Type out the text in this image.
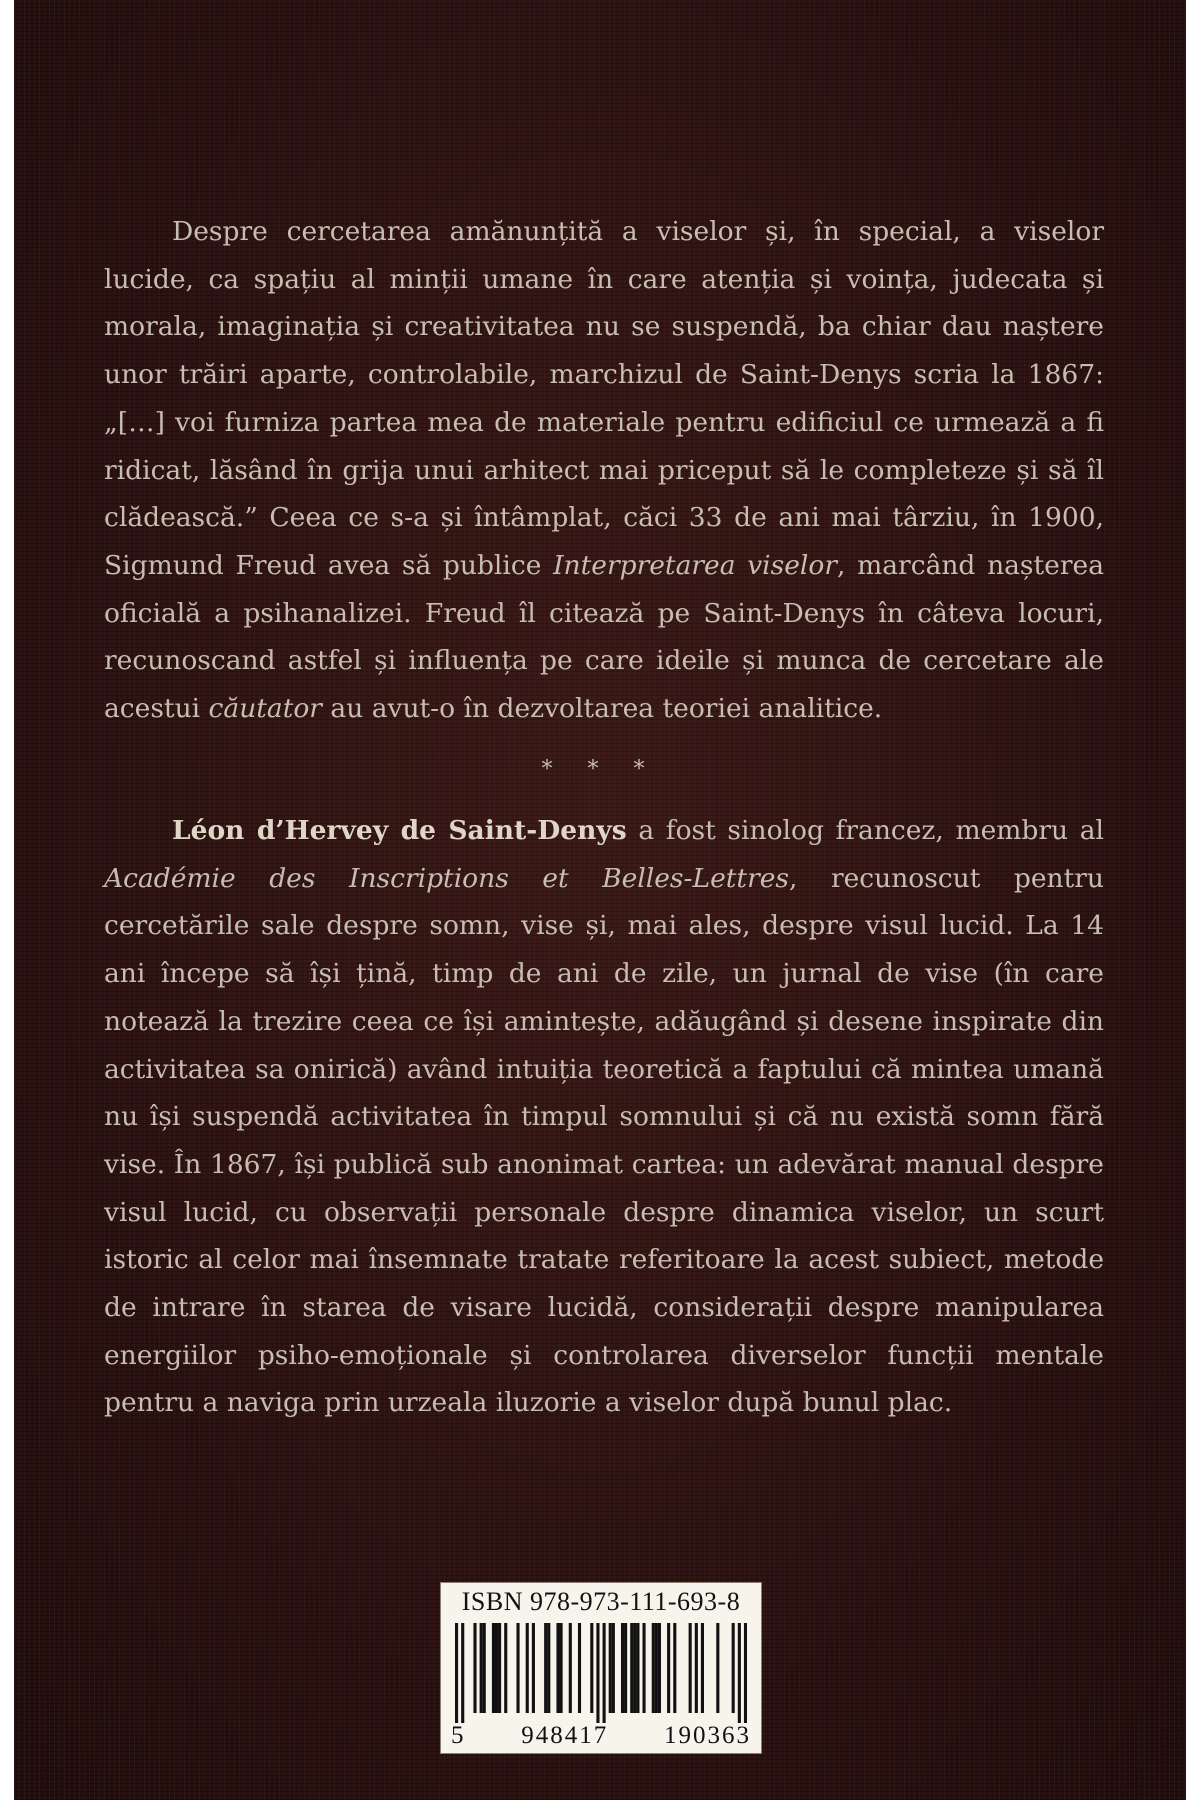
Despre cercetarea amănunțită a viselor și, în special, a viselor lucide, ca spațiu al minții umane în care atenția și voința, judecata și morala, imaginația și creativitatea nu se suspendă, ba chiar dau naștere unor trăiri aparte, controlabile, marchizul de Saint-Denys scria la 1867: „[…] voi furniza partea mea de materiale pentru edificiul ce urmează a fi ridicat, lăsând în grija unui arhitect mai priceput să le completeze și să îl clădească.” Ceea ce s-a și întâmplat, căci 33 de ani mai târziu, în 1900, Sigmund Freud avea să publice Interpretarea viselor, marcând nașterea oficială a psihanalizei. Freud îl citează pe Saint-Denys în câteva locuri, recunoscand astfel și influența pe care ideile și munca de cercetare ale acestui căutator au avut-o în dezvoltarea teoriei analitice.

* * *

Léon d’Hervey de Saint-Denys a fost sinolog francez, membru al Académie des Inscriptions et Belles-Lettres, recunoscut pentru cercetările sale despre somn, vise și, mai ales, despre visul lucid. La 14 ani începe să își țină, timp de ani de zile, un jurnal de vise (în care notează la trezire ceea ce își amintește, adăugând și desene inspirate din activitatea sa onirică) având intuiția teoretică a faptului că mintea umană nu își suspendă activitatea în timpul somnului și că nu există somn fără vise. În 1867, își publică sub anonimat cartea: un adevărat manual despre visul lucid, cu observații personale despre dinamica viselor, un scurt istoric al celor mai însemnate tratate referitoare la acest subiect, metode de intrare în starea de visare lucidă, considerații despre manipularea energiilor psiho-emoționale și controlarea diverselor funcții mentale pentru a naviga prin urzeala iluzorie a viselor după bunul plac.

ISBN 978-973-111-693-8
5 948417 190363
